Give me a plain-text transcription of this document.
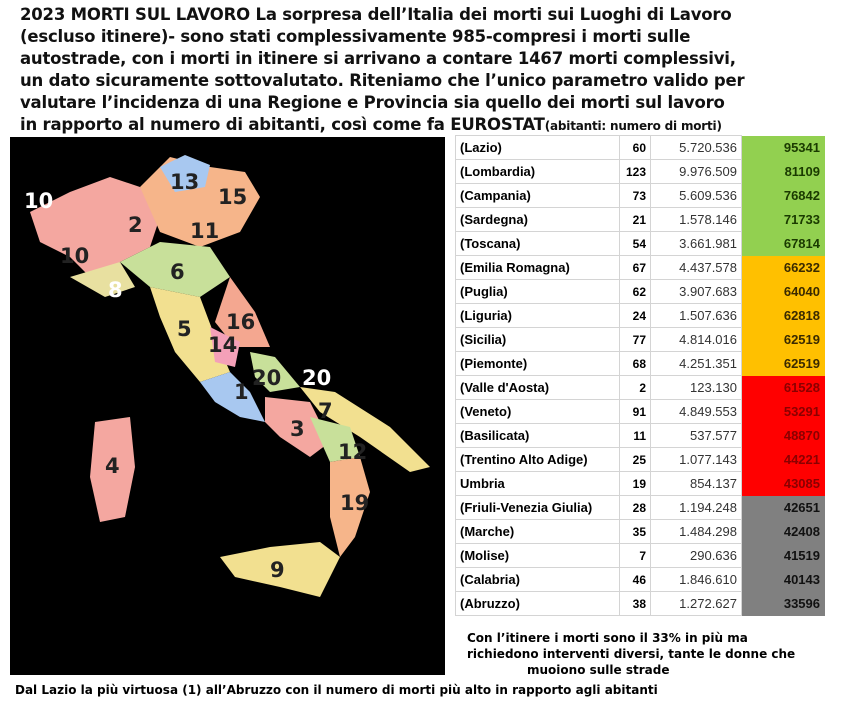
2023 MORTI SUL LAVORO La sorpresa dell’Italia dei morti sui Luoghi di Lavoro
(escluso itinere)- sono stati complessivamente 985-compresi i morti sulle
autostrade, con i morti in itinere si arrivano a contare 1467 morti complessivi,
un dato sicuramente sottovalutato. Riteniamo che l’unico parametro valido per
valutare l’incidenza di una Regione e Provincia sia quello dei morti sul lavoro
in rapporto al numero di abitanti, così come fa EUROSTAT(abitanti: numero di morti)
10
13
15
2 11
10
6
8
5 16
14
20 20
1
7
3
12
4
19
9
(Lazio)	60	5.720.536	95341
(Lombardia)	123	9.976.509	81109
(Campania)	73	5.609.536	76842
(Sardegna)	21	1.578.146	71733
(Toscana)	54	3.661.981	67814
(Emilia Romagna)	67	4.437.578	66232
(Puglia)	62	3.907.683	64040
(Liguria)	24	1.507.636	62818
(Sicilia)	77	4.814.016	62519
(Piemonte)	68	4.251.351	62519
(Valle d'Aosta)	2	123.130	61528
(Veneto)	91	4.849.553	53291
(Basilicata)	11	537.577	48870
(Trentino Alto Adige)	25	1.077.143	44221
Umbria	19	854.137	43085
(Friuli-Venezia Giulia)	28	1.194.248	42651
(Marche)	35	1.484.298	42408
(Molise)	7	290.636	41519
(Calabria)	46	1.846.610	40143
(Abruzzo)	38	1.272.627	33596
Con l’itinere i morti sono il 33% in più ma
richiedono interventi diversi, tante le donne che
muoiono sulle strade
Dal Lazio la più virtuosa (1) all’Abruzzo con il numero di morti più alto in rapporto agli abitanti
